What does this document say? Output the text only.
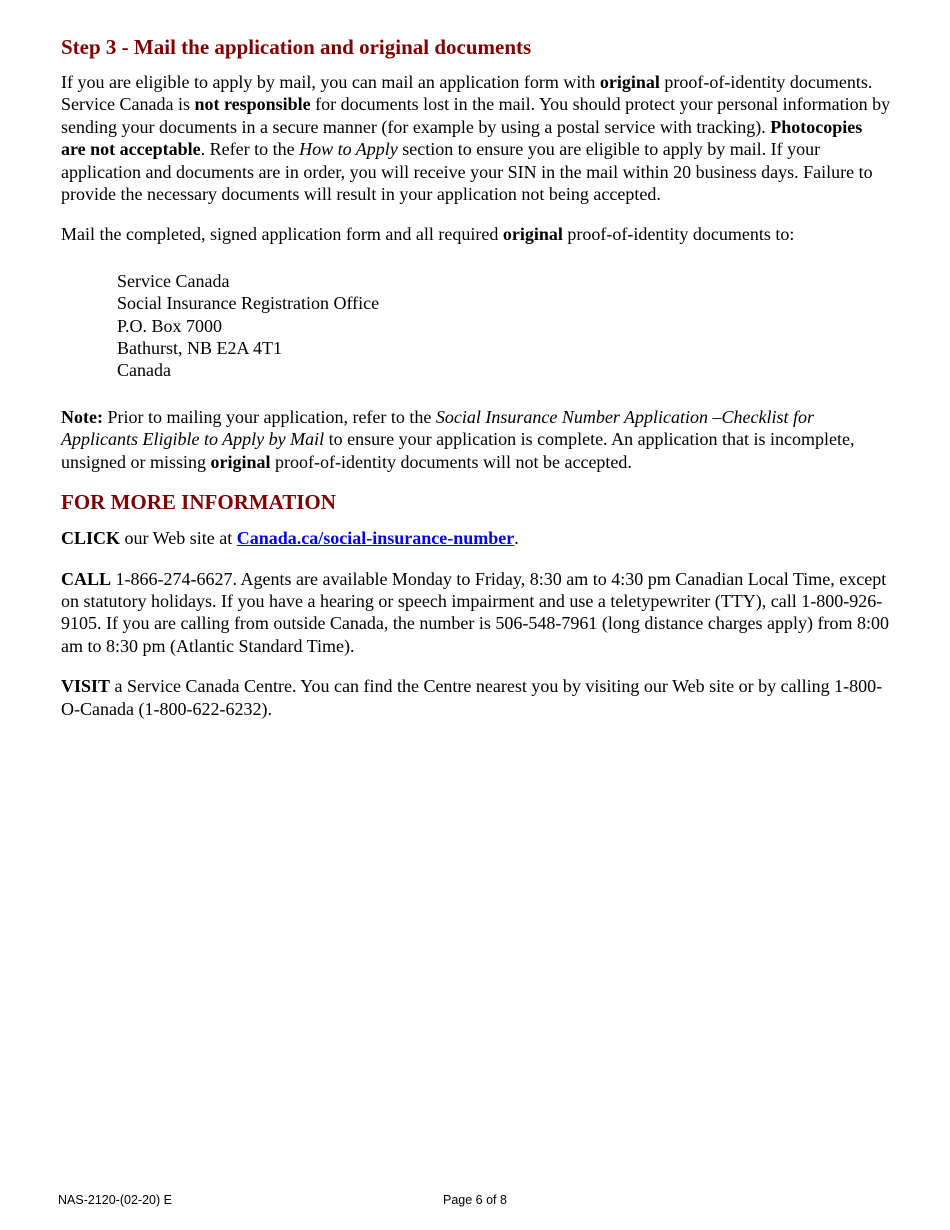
Step 3 - Mail the application and original documents

If you are eligible to apply by mail, you can mail an application form with original proof-of-identity documents. Service Canada is not responsible for documents lost in the mail. You should protect your personal information by sending your documents in a secure manner (for example by using a postal service with tracking). Photocopies are not acceptable. Refer to the How to Apply section to ensure you are eligible to apply by mail. If your application and documents are in order, you will receive your SIN in the mail within 20 business days. Failure to provide the necessary documents will result in your application not being accepted.

Mail the completed, signed application form and all required original proof-of-identity documents to:

Service Canada
Social Insurance Registration Office
P.O. Box 7000
Bathurst, NB E2A 4T1
Canada

Note: Prior to mailing your application, refer to the Social Insurance Number Application –Checklist for Applicants Eligible to Apply by Mail to ensure your application is complete. An application that is incomplete, unsigned or missing original proof-of-identity documents will not be accepted.

FOR MORE INFORMATION

CLICK our Web site at Canada.ca/social-insurance-number.

CALL 1-866-274-6627. Agents are available Monday to Friday, 8:30 am to 4:30 pm Canadian Local Time, except on statutory holidays. If you have a hearing or speech impairment and use a teletypewriter (TTY), call 1-800-926-9105. If you are calling from outside Canada, the number is 506-548-7961 (long distance charges apply) from 8:00 am to 8:30 pm (Atlantic Standard Time).

VISIT a Service Canada Centre. You can find the Centre nearest you by visiting our Web site or by calling 1-800-O-Canada (1-800-622-6232).

NAS-2120-(02-20) E	Page 6 of 8
